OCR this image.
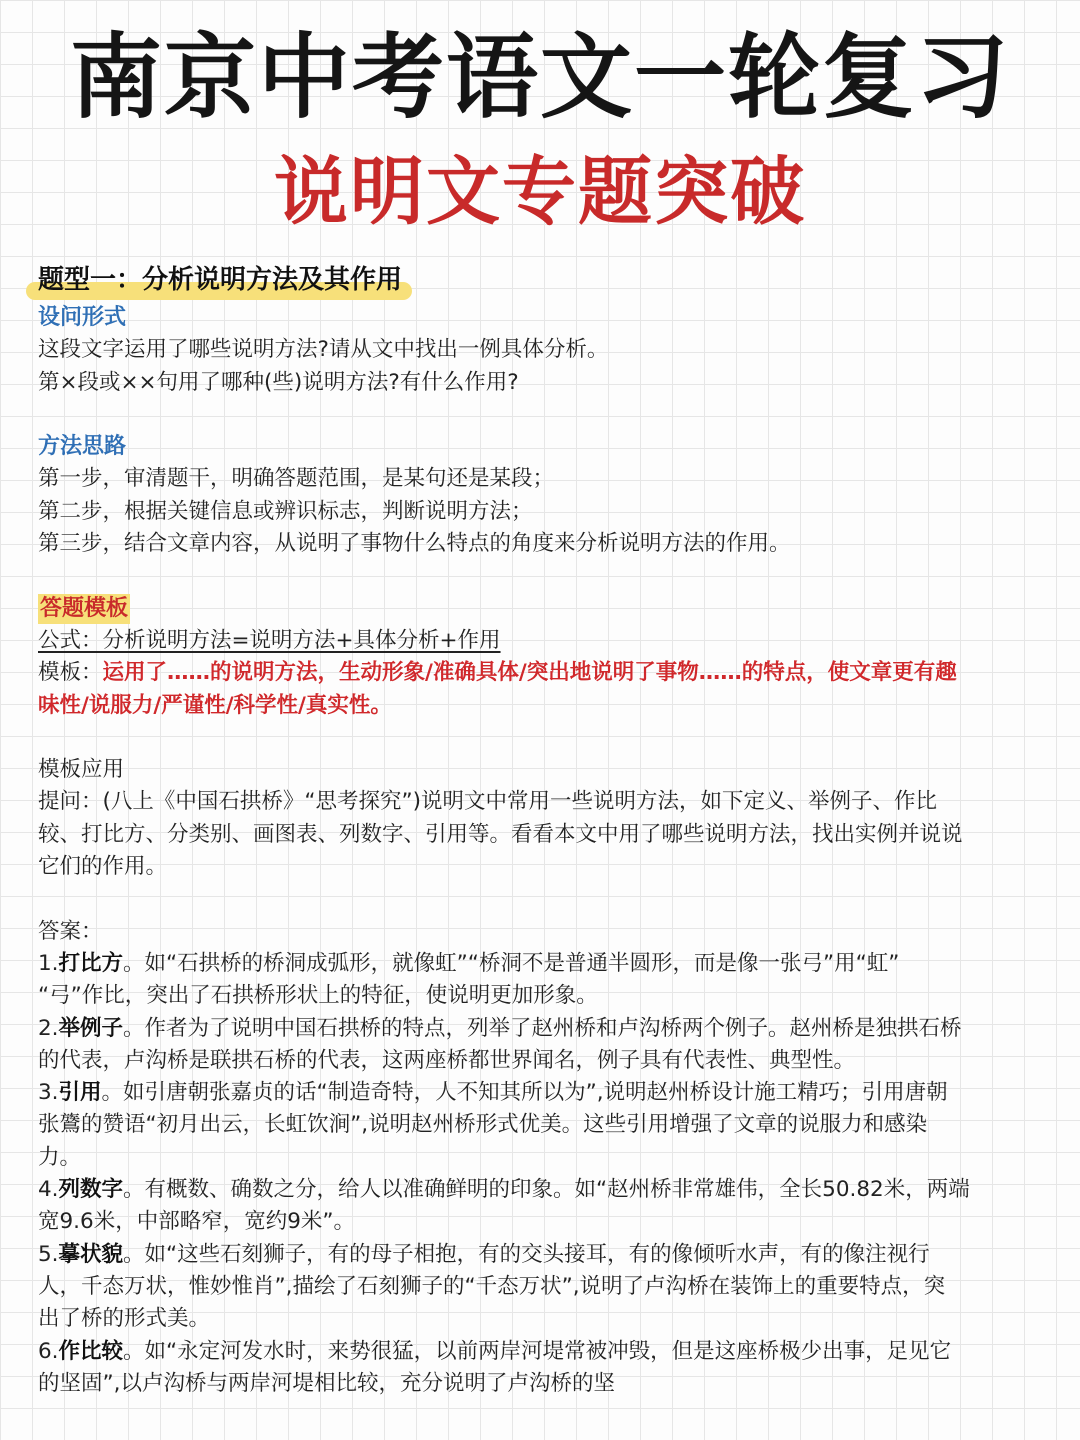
南京中考语文一轮复习
说明文专题突破
题型一：分析说明方法及其作用
设问形式
这段文字运用了哪些说明方法?请从文中找出一例具体分析。
第×段或××句用了哪种(些)说明方法?有什么作用?
方法思路
第一步，审清题干，明确答题范围，是某句还是某段；
第二步，根据关键信息或辨识标志，判断说明方法；
第三步，结合文章内容，从说明了事物什么特点的角度来分析说明方法的作用。
答题模板
公式：分析说明方法=说明方法+具体分析+作用
模板：运用了……的说明方法，生动形象/准确具体/突出地说明了事物……的特点，使文章更有趣
味性/说服力/严谨性/科学性/真实性。
模板应用
提问：(八上《中国石拱桥》“思考探究”)说明文中常用一些说明方法，如下定义、举例子、作比
较、打比方、分类别、画图表、列数字、引用等。看看本文中用了哪些说明方法，找出实例并说说
它们的作用。
答案：
1.打比方。如“石拱桥的桥洞成弧形，就像虹”“桥洞不是普通半圆形，而是像一张弓”用“虹”
“弓”作比，突出了石拱桥形状上的特征，使说明更加形象。
2.举例子。作者为了说明中国石拱桥的特点，列举了赵州桥和卢沟桥两个例子。赵州桥是独拱石桥
的代表，卢沟桥是联拱石桥的代表，这两座桥都世界闻名，例子具有代表性、典型性。
3.引用。如引唐朝张嘉贞的话“制造奇特，人不知其所以为”,说明赵州桥设计施工精巧；引用唐朝
张鷟的赞语“初月出云，长虹饮涧”,说明赵州桥形式优美。这些引用增强了文章的说服力和感染
力。
4.列数字。有概数、确数之分，给人以准确鲜明的印象。如“赵州桥非常雄伟，全长50.82米，两端
宽9.6米，中部略窄，宽约9米”。
5.摹状貌。如“这些石刻狮子，有的母子相抱，有的交头接耳，有的像倾听水声，有的像注视行
人，千态万状，惟妙惟肖”,描绘了石刻狮子的“千态万状”,说明了卢沟桥在装饰上的重要特点，突
出了桥的形式美。
6.作比较。如“永定河发水时，来势很猛，以前两岸河堤常被冲毁，但是这座桥极少出事，足见它
的坚固”,以卢沟桥与两岸河堤相比较，充分说明了卢沟桥的坚
